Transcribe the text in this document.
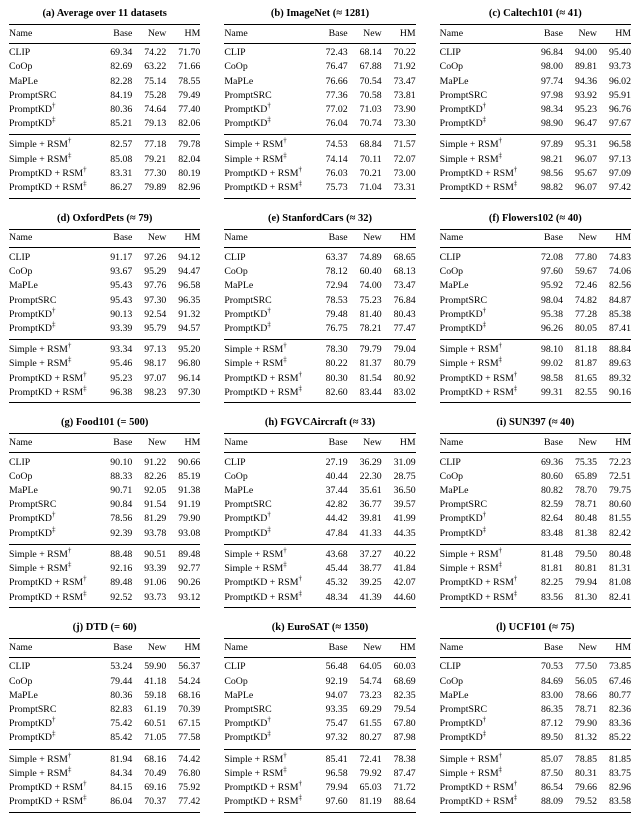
(a) Average over 11 datasets
Name	Base	New	HM
CLIP	69.34	74.22	71.70
CoOp	82.69	63.22	71.66
MaPLe	82.28	75.14	78.55
PromptSRC	84.19	75.28	79.49
PromptKD†	80.36	74.64	77.40
PromptKD‡	85.21	79.13	82.06
Simple + RSM†	82.57	77.18	79.78
Simple + RSM‡	85.08	79.21	82.04
PromptKD + RSM†	83.31	77.30	80.19
PromptKD + RSM‡	86.27	79.89	82.96
(b) ImageNet (≈ 1281)
Name	Base	New	HM
CLIP	72.43	68.14	70.22
CoOp	76.47	67.88	71.92
MaPLe	76.66	70.54	73.47
PromptSRC	77.36	70.58	73.81
PromptKD†	77.02	71.03	73.90
PromptKD‡	76.04	70.74	73.30
Simple + RSM†	74.53	68.84	71.57
Simple + RSM‡	74.14	70.11	72.07
PromptKD + RSM†	76.03	70.21	73.00
PromptKD + RSM‡	75.73	71.04	73.31
(c) Caltech101 (≈ 41)
Name	Base	New	HM
CLIP	96.84	94.00	95.40
CoOp	98.00	89.81	93.73
MaPLe	97.74	94.36	96.02
PromptSRC	97.98	93.92	95.91
PromptKD†	98.34	95.23	96.76
PromptKD‡	98.90	96.47	97.67
Simple + RSM†	97.89	95.31	96.58
Simple + RSM‡	98.21	96.07	97.13
PromptKD + RSM†	98.56	95.67	97.09
PromptKD + RSM‡	98.82	96.07	97.42
(d) OxfordPets (≈ 79)
Name	Base	New	HM
CLIP	91.17	97.26	94.12
CoOp	93.67	95.29	94.47
MaPLe	95.43	97.76	96.58
PromptSRC	95.43	97.30	96.35
PromptKD†	90.13	92.54	91.32
PromptKD‡	93.39	95.79	94.57
Simple + RSM†	93.34	97.13	95.20
Simple + RSM‡	95.46	98.17	96.80
PromptKD + RSM†	95.23	97.07	96.14
PromptKD + RSM‡	96.38	98.23	97.30
(e) StanfordCars (≈ 32)
Name	Base	New	HM
CLIP	63.37	74.89	68.65
CoOp	78.12	60.40	68.13
MaPLe	72.94	74.00	73.47
PromptSRC	78.53	75.23	76.84
PromptKD†	79.48	81.40	80.43
PromptKD‡	76.75	78.21	77.47
Simple + RSM†	78.30	79.79	79.04
Simple + RSM‡	80.22	81.37	80.79
PromptKD + RSM†	80.30	81.54	80.92
PromptKD + RSM‡	82.60	83.44	83.02
(f) Flowers102 (≈ 40)
Name	Base	New	HM
CLIP	72.08	77.80	74.83
CoOp	97.60	59.67	74.06
MaPLe	95.92	72.46	82.56
PromptSRC	98.04	74.82	84.87
PromptKD†	95.38	77.28	85.38
PromptKD‡	96.26	80.05	87.41
Simple + RSM†	98.10	81.18	88.84
Simple + RSM‡	99.02	81.87	89.63
PromptKD + RSM†	98.58	81.65	89.32
PromptKD + RSM‡	99.31	82.55	90.16
(g) Food101 (= 500)
Name	Base	New	HM
CLIP	90.10	91.22	90.66
CoOp	88.33	82.26	85.19
MaPLe	90.71	92.05	91.38
PromptSRC	90.84	91.54	91.19
PromptKD†	78.56	81.29	79.90
PromptKD‡	92.39	93.78	93.08
Simple + RSM†	88.48	90.51	89.48
Simple + RSM‡	92.16	93.39	92.77
PromptKD + RSM†	89.48	91.06	90.26
PromptKD + RSM‡	92.52	93.73	93.12
(h) FGVCAircraft (≈ 33)
Name	Base	New	HM
CLIP	27.19	36.29	31.09
CoOp	40.44	22.30	28.75
MaPLe	37.44	35.61	36.50
PromptSRC	42.82	36.77	39.57
PromptKD†	44.42	39.81	41.99
PromptKD‡	47.84	41.33	44.35
Simple + RSM†	43.68	37.27	40.22
Simple + RSM‡	45.44	38.77	41.84
PromptKD + RSM†	45.32	39.25	42.07
PromptKD + RSM‡	48.34	41.39	44.60
(i) SUN397 (≈ 40)
Name	Base	New	HM
CLIP	69.36	75.35	72.23
CoOp	80.60	65.89	72.51
MaPLe	80.82	78.70	79.75
PromptSRC	82.59	78.71	80.60
PromptKD†	82.64	80.48	81.55
PromptKD‡	83.48	81.38	82.42
Simple + RSM†	81.48	79.50	80.48
Simple + RSM‡	81.81	80.81	81.31
PromptKD + RSM†	82.25	79.94	81.08
PromptKD + RSM‡	83.56	81.30	82.41
(j) DTD (= 60)
Name	Base	New	HM
CLIP	53.24	59.90	56.37
CoOp	79.44	41.18	54.24
MaPLe	80.36	59.18	68.16
PromptSRC	82.83	61.19	70.39
PromptKD†	75.42	60.51	67.15
PromptKD‡	85.42	71.05	77.58
Simple + RSM†	81.94	68.16	74.42
Simple + RSM‡	84.34	70.49	76.80
PromptKD + RSM†	84.15	69.16	75.92
PromptKD + RSM‡	86.04	70.37	77.42
(k) EuroSAT (≈ 1350)
Name	Base	New	HM
CLIP	56.48	64.05	60.03
CoOp	92.19	54.74	68.69
MaPLe	94.07	73.23	82.35
PromptSRC	93.35	69.29	79.54
PromptKD†	75.47	61.55	67.80
PromptKD‡	97.32	80.27	87.98
Simple + RSM†	85.41	72.41	78.38
Simple + RSM‡	96.58	79.92	87.47
PromptKD + RSM†	79.94	65.03	71.72
PromptKD + RSM‡	97.60	81.19	88.64
(l) UCF101 (≈ 75)
Name	Base	New	HM
CLIP	70.53	77.50	73.85
CoOp	84.69	56.05	67.46
MaPLe	83.00	78.66	80.77
PromptSRC	86.35	78.71	82.36
PromptKD†	87.12	79.90	83.36
PromptKD‡	89.50	81.32	85.22
Simple + RSM†	85.07	78.85	81.85
Simple + RSM‡	87.50	80.31	83.75
PromptKD + RSM†	86.54	79.66	82.96
PromptKD + RSM‡	88.09	79.52	83.58
